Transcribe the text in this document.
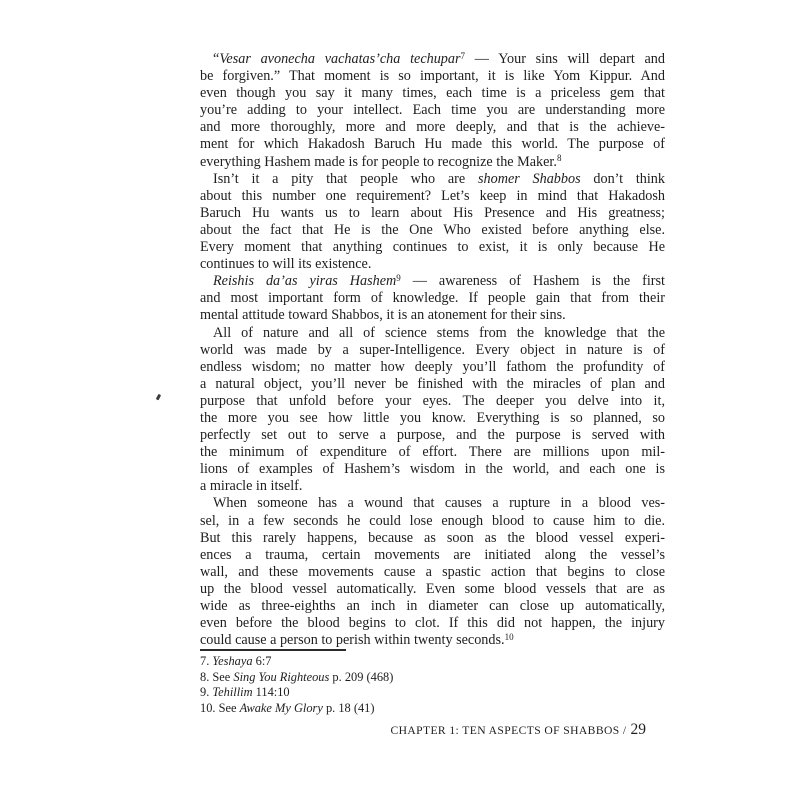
“Vesar avonecha vachatas’cha techupar$^7$ — Your sins will depart and
be forgiven.” That moment is so important, it is like Yom Kippur. And
even though you say it many times, each time is a priceless gem that
you’re adding to your intellect. Each time you are understanding more
and more thoroughly, more and more deeply, and that is the achieve-
ment for which Hakadosh Baruch Hu made this world. The purpose of
everything Hashem made is for people to recognize the Maker.$^8$
Isn’t it a pity that people who are shomer Shabbos don’t think
about this number one requirement? Let’s keep in mind that Hakadosh
Baruch Hu wants us to learn about His Presence and His greatness;
about the fact that He is the One Who existed before anything else.
Every moment that anything continues to exist, it is only because He
continues to will its existence.
Reishis da’as yiras Hashem$^9$ — awareness of Hashem is the first
and most important form of knowledge. If people gain that from their
mental attitude toward Shabbos, it is an atonement for their sins.
All of nature and all of science stems from the knowledge that the
world was made by a super-Intelligence. Every object in nature is of
endless wisdom; no matter how deeply you’ll fathom the profundity of
a natural object, you’ll never be finished with the miracles of plan and
purpose that unfold before your eyes. The deeper you delve into it,
the more you see how little you know. Everything is so planned, so
perfectly set out to serve a purpose, and the purpose is served with
the minimum of expenditure of effort. There are millions upon mil-
lions of examples of Hashem’s wisdom in the world, and each one is
a miracle in itself.
When someone has a wound that causes a rupture in a blood ves-
sel, in a few seconds he could lose enough blood to cause him to die.
But this rarely happens, because as soon as the blood vessel experi-
ences a trauma, certain movements are initiated along the vessel’s
wall, and these movements cause a spastic action that begins to close
up the blood vessel automatically. Even some blood vessels that are as
wide as three-eighths an inch in diameter can close up automatically,
even before the blood begins to clot. If this did not happen, the injury
could cause a person to perish within twenty seconds.$^{10}$
7. Yeshaya 6:7
8. See Sing You Righteous p. 209 (468)
9. Tehillim 114:10
10. See Awake My Glory p. 18 (41)
CHAPTER 1: TEN ASPECTS OF SHABBOS / 29
